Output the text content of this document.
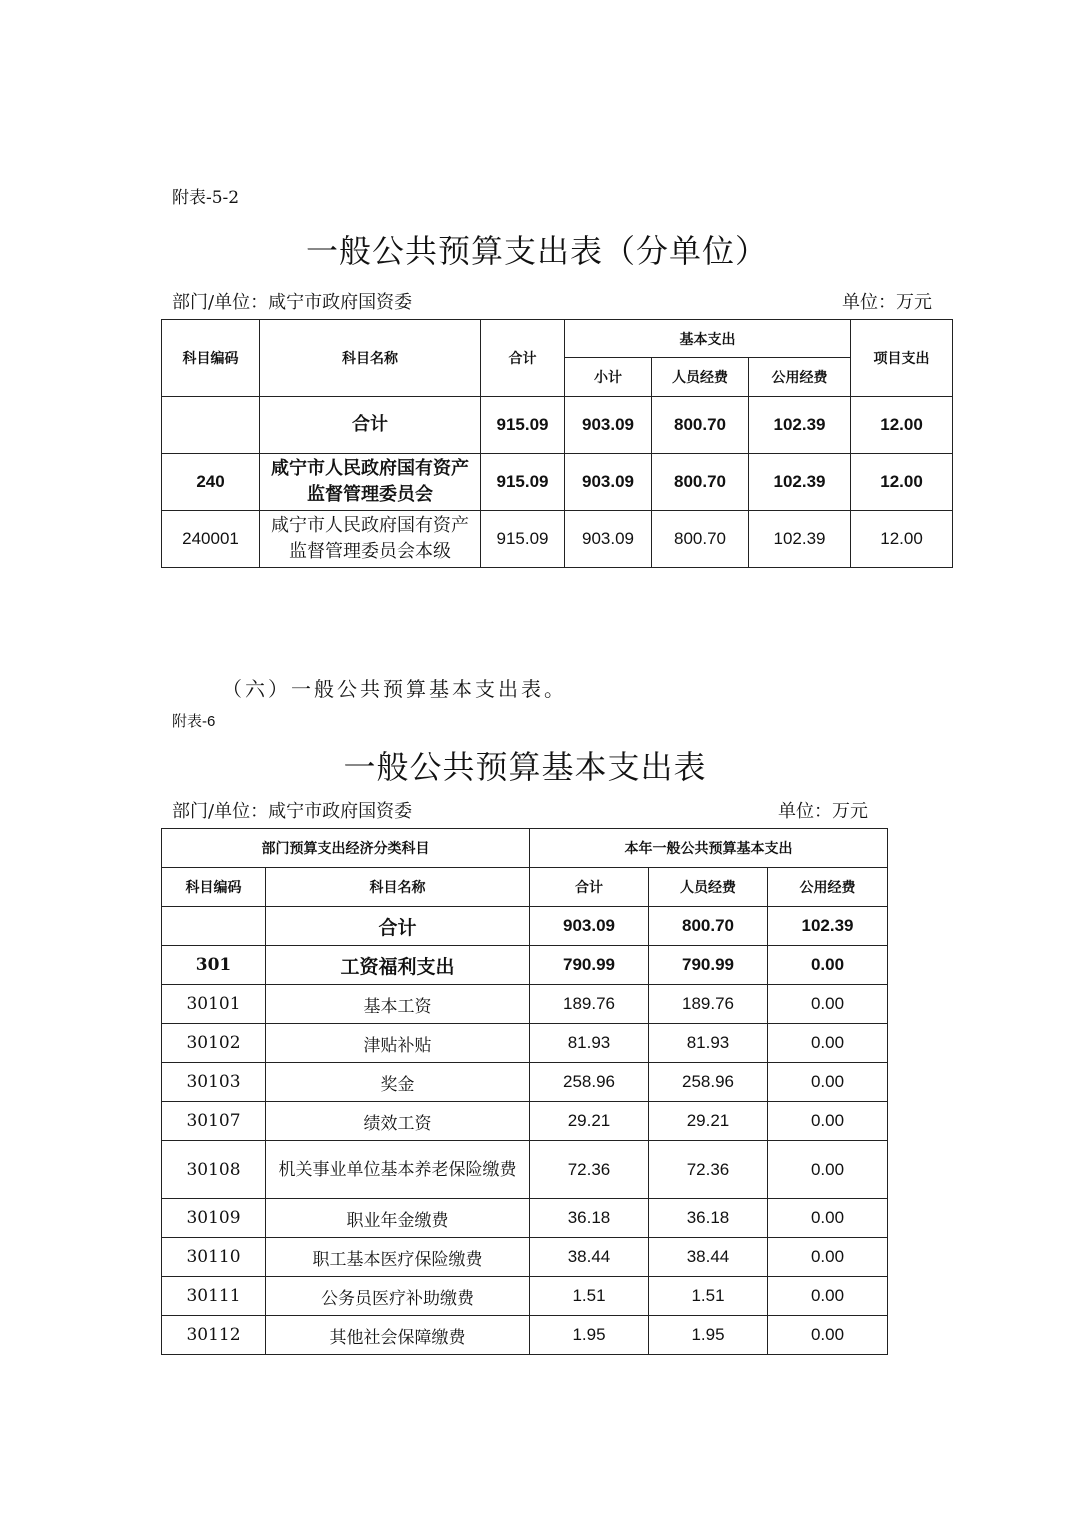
附表-5-2
一般公共预算支出表（分单位）
部门/单位：咸宁市政府国资委	单位：万元
科目编码	科目名称	合计	基本支出			项目支出
			小计	人员经费	公用经费	
	合计	915.09	903.09	800.70	102.39	12.00
240	咸宁市人民政府国有资产监督管理委员会	915.09	903.09	800.70	102.39	12.00
240001	咸宁市人民政府国有资产监督管理委员会本级	915.09	903.09	800.70	102.39	12.00
（六）一般公共预算基本支出表。
附表-6
一般公共预算基本支出表
部门/单位：咸宁市政府国资委	单位：万元
部门预算支出经济分类科目		本年一般公共预算基本支出		
科目编码	科目名称	合计	人员经费	公用经费
	合计	903.09	800.70	102.39
301	工资福利支出	790.99	790.99	0.00
30101	基本工资	189.76	189.76	0.00
30102	津贴补贴	81.93	81.93	0.00
30103	奖金	258.96	258.96	0.00
30107	绩效工资	29.21	29.21	0.00
30108	机关事业单位基本养老保险缴费	72.36	72.36	0.00
30109	职业年金缴费	36.18	36.18	0.00
30110	职工基本医疗保险缴费	38.44	38.44	0.00
30111	公务员医疗补助缴费	1.51	1.51	0.00
30112	其他社会保障缴费	1.95	1.95	0.00
